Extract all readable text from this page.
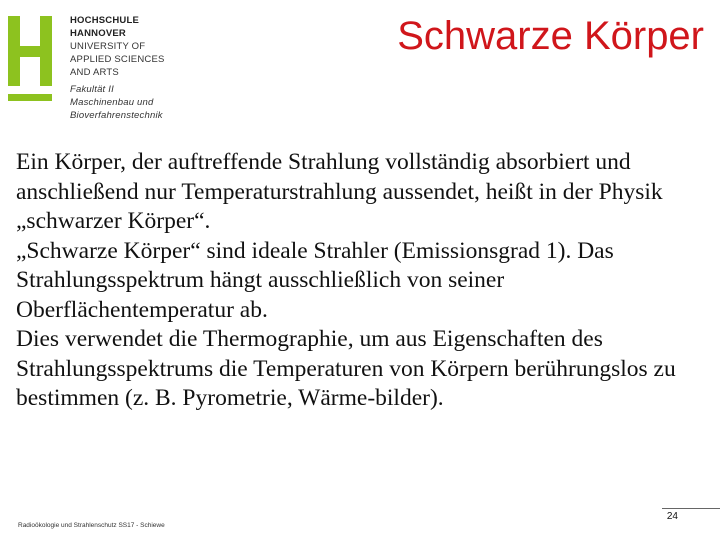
HOCHSCHULE
HANNOVER
UNIVERSITY OF
APPLIED SCIENCES
AND ARTS
Fakultät II
Maschinenbau und
Bioverfahrenstechnik
Schwarze Körper

Ein Körper, der auftreffende Strahlung vollständig absorbiert und anschließend nur Temperaturstrahlung aussendet, heißt in der Physik „schwarzer Körper“.

„Schwarze Körper“ sind ideale Strahler (Emissionsgrad 1). Das Strahlungsspektrum hängt ausschließlich von seiner Oberflächentemperatur ab.

Dies verwendet die Thermographie, um aus Eigenschaften des Strahlungsspektrums die Temperaturen von Körpern berührungslos zu bestimmen (z. B. Pyrometrie, Wärme-bilder).

Radioökologie und Strahlenschutz SS17 - Schiewe
24
